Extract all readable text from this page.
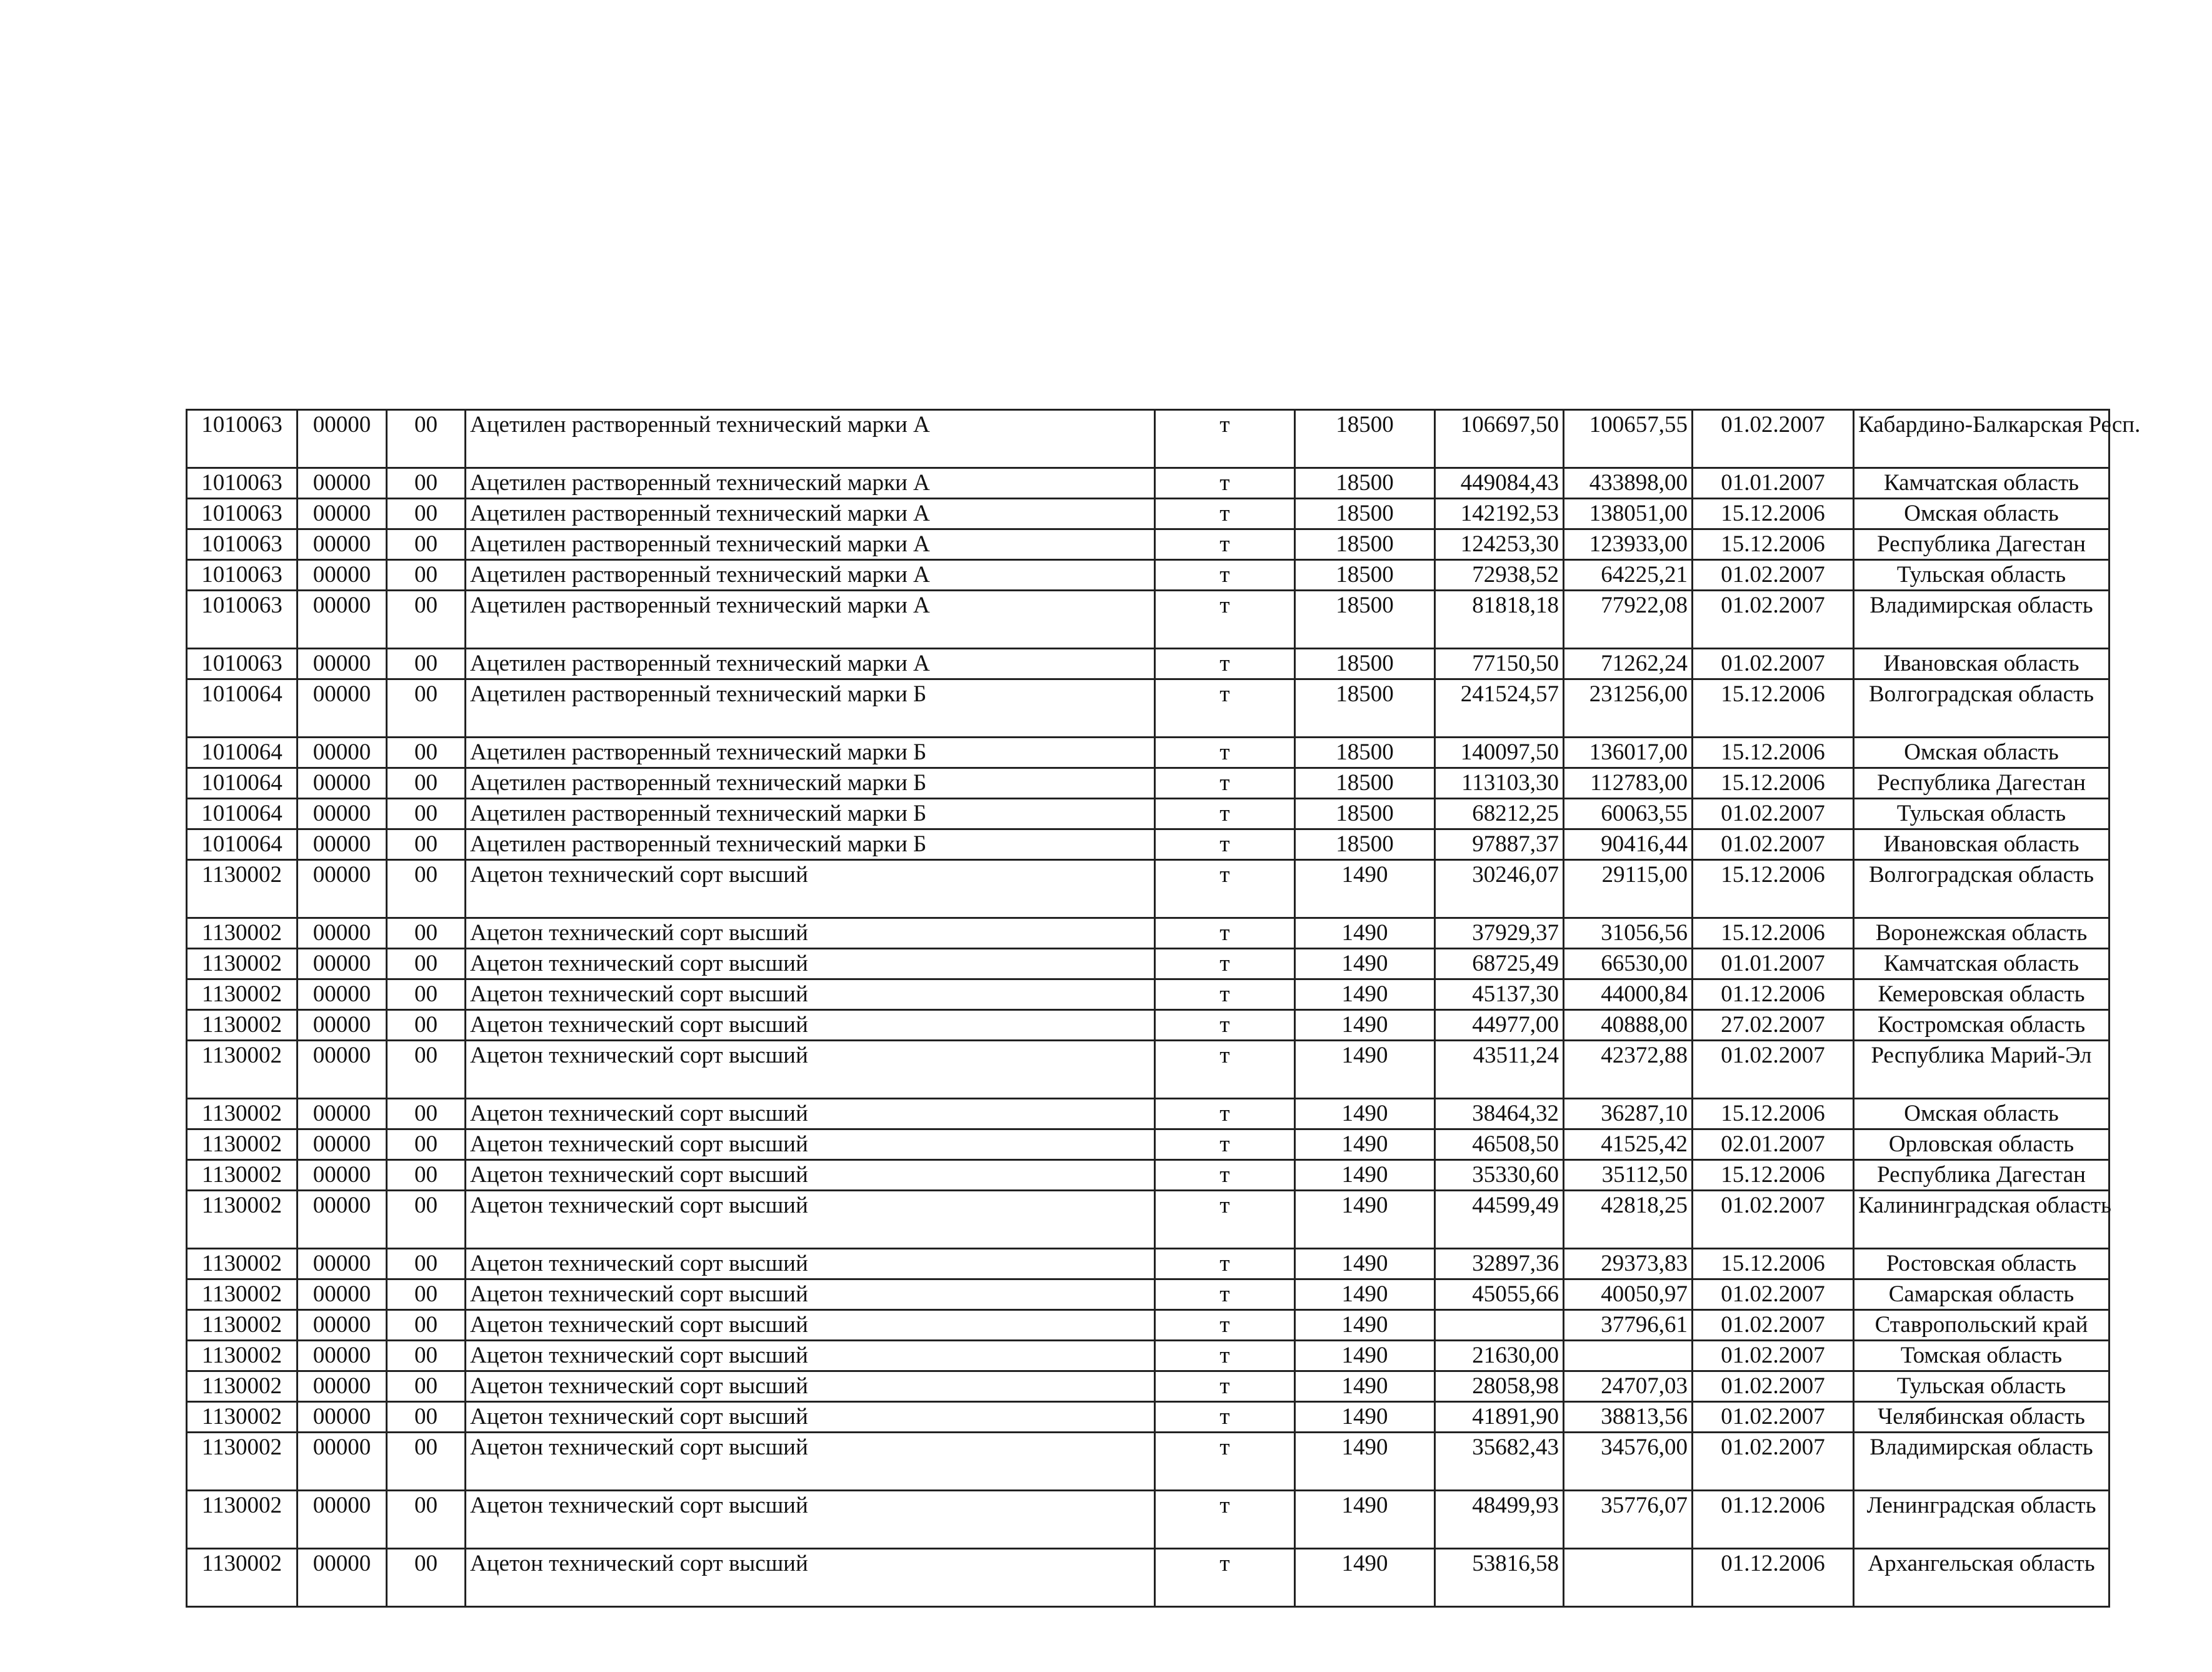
1010063	00000	00	Ацетилен растворенный технический марки А	т	18500	106697,50	100657,55	01.02.2007	Кабардино-Балкарская Респ.
1010063	00000	00	Ацетилен растворенный технический марки А	т	18500	449084,43	433898,00	01.01.2007	Камчатская область
1010063	00000	00	Ацетилен растворенный технический марки А	т	18500	142192,53	138051,00	15.12.2006	Омская область
1010063	00000	00	Ацетилен растворенный технический марки А	т	18500	124253,30	123933,00	15.12.2006	Республика Дагестан
1010063	00000	00	Ацетилен растворенный технический марки А	т	18500	72938,52	64225,21	01.02.2007	Тульская область
1010063	00000	00	Ацетилен растворенный технический марки А	т	18500	81818,18	77922,08	01.02.2007	Владимирская область
1010063	00000	00	Ацетилен растворенный технический марки А	т	18500	77150,50	71262,24	01.02.2007	Ивановская область
1010064	00000	00	Ацетилен растворенный технический марки Б	т	18500	241524,57	231256,00	15.12.2006	Волгоградская область
1010064	00000	00	Ацетилен растворенный технический марки Б	т	18500	140097,50	136017,00	15.12.2006	Омская область
1010064	00000	00	Ацетилен растворенный технический марки Б	т	18500	113103,30	112783,00	15.12.2006	Республика Дагестан
1010064	00000	00	Ацетилен растворенный технический марки Б	т	18500	68212,25	60063,55	01.02.2007	Тульская область
1010064	00000	00	Ацетилен растворенный технический марки Б	т	18500	97887,37	90416,44	01.02.2007	Ивановская область
1130002	00000	00	Ацетон технический сорт высший	т	1490	30246,07	29115,00	15.12.2006	Волгоградская область
1130002	00000	00	Ацетон технический сорт высший	т	1490	37929,37	31056,56	15.12.2006	Воронежская область
1130002	00000	00	Ацетон технический сорт высший	т	1490	68725,49	66530,00	01.01.2007	Камчатская область
1130002	00000	00	Ацетон технический сорт высший	т	1490	45137,30	44000,84	01.12.2006	Кемеровская область
1130002	00000	00	Ацетон технический сорт высший	т	1490	44977,00	40888,00	27.02.2007	Костромская область
1130002	00000	00	Ацетон технический сорт высший	т	1490	43511,24	42372,88	01.02.2007	Республика Марий-Эл
1130002	00000	00	Ацетон технический сорт высший	т	1490	38464,32	36287,10	15.12.2006	Омская область
1130002	00000	00	Ацетон технический сорт высший	т	1490	46508,50	41525,42	02.01.2007	Орловская область
1130002	00000	00	Ацетон технический сорт высший	т	1490	35330,60	35112,50	15.12.2006	Республика Дагестан
1130002	00000	00	Ацетон технический сорт высший	т	1490	44599,49	42818,25	01.02.2007	Калининградская область
1130002	00000	00	Ацетон технический сорт высший	т	1490	32897,36	29373,83	15.12.2006	Ростовская область
1130002	00000	00	Ацетон технический сорт высший	т	1490	45055,66	40050,97	01.02.2007	Самарская область
1130002	00000	00	Ацетон технический сорт высший	т	1490		37796,61	01.02.2007	Ставропольский край
1130002	00000	00	Ацетон технический сорт высший	т	1490	21630,00		01.02.2007	Томская область
1130002	00000	00	Ацетон технический сорт высший	т	1490	28058,98	24707,03	01.02.2007	Тульская область
1130002	00000	00	Ацетон технический сорт высший	т	1490	41891,90	38813,56	01.02.2007	Челябинская область
1130002	00000	00	Ацетон технический сорт высший	т	1490	35682,43	34576,00	01.02.2007	Владимирская область
1130002	00000	00	Ацетон технический сорт высший	т	1490	48499,93	35776,07	01.12.2006	Ленинградская область
1130002	00000	00	Ацетон технический сорт высший	т	1490	53816,58		01.12.2006	Архангельская область
